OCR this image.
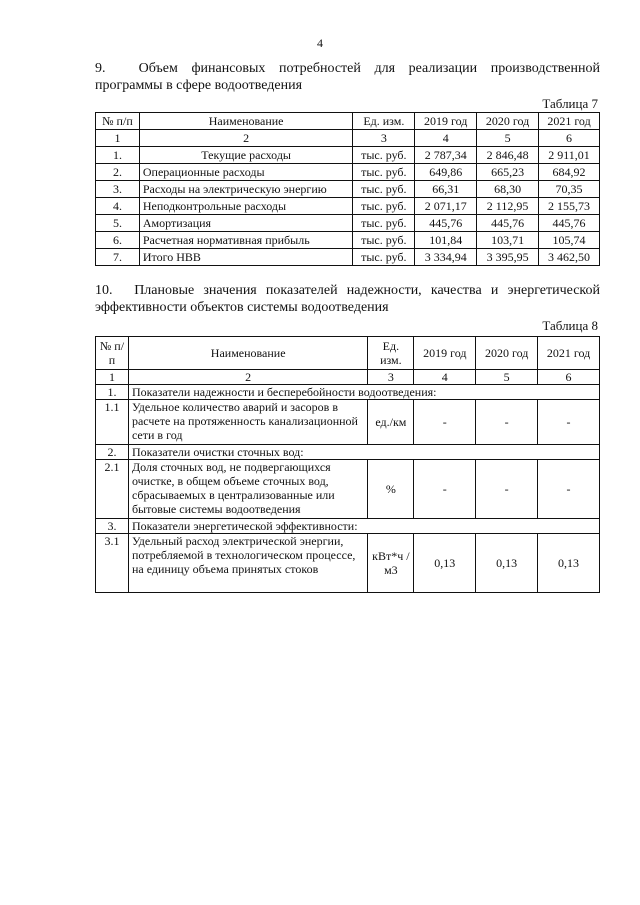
4
9. Объем финансовых потребностей для реализации производственной программы в сфере водоотведения
Таблица 7
№ п/п	Наименование	Ед. изм.	2019 год	2020 год	2021 год
1	2	3	4	5	6
1.	Текущие расходы	тыс. руб.	2 787,34	2 846,48	2 911,01
2.	Операционные расходы	тыс. руб.	649,86	665,23	684,92
3.	Расходы на электрическую энергию	тыс. руб.	66,31	68,30	70,35
4.	Неподконтрольные расходы	тыс. руб.	2 071,17	2 112,95	2 155,73
5.	Амортизация	тыс. руб.	445,76	445,76	445,76
6.	Расчетная нормативная прибыль	тыс. руб.	101,84	103,71	105,74
7.	Итого НВВ	тыс. руб.	3 334,94	3 395,95	3 462,50
10. Плановые значения показателей надежности, качества и энергетической эффективности объектов системы водоотведения
Таблица 8
№ п/п	Наименование	Ед. изм.	2019 год	2020 год	2021 год
1	2	3	4	5	6
1.	Показатели надежности и бесперебойности водоотведения:				
1.1	Удельное количество аварий и засоров в расчете на протяженность канализационной сети в год	ед./км	-	-	-
2.	Показатели очистки сточных вод:				
2.1	Доля сточных вод, не подвергающихся очистке, в общем объеме сточных вод, сбрасываемых в централизованные или бытовые системы водоотведения	%	-	-	-
3.	Показатели энергетической эффективности:				
3.1	Удельный расход электрической энергии, потребляемой в технологическом процессе, на единицу объема принятых стоков	кВт*ч /м3	0,13	0,13	0,13
